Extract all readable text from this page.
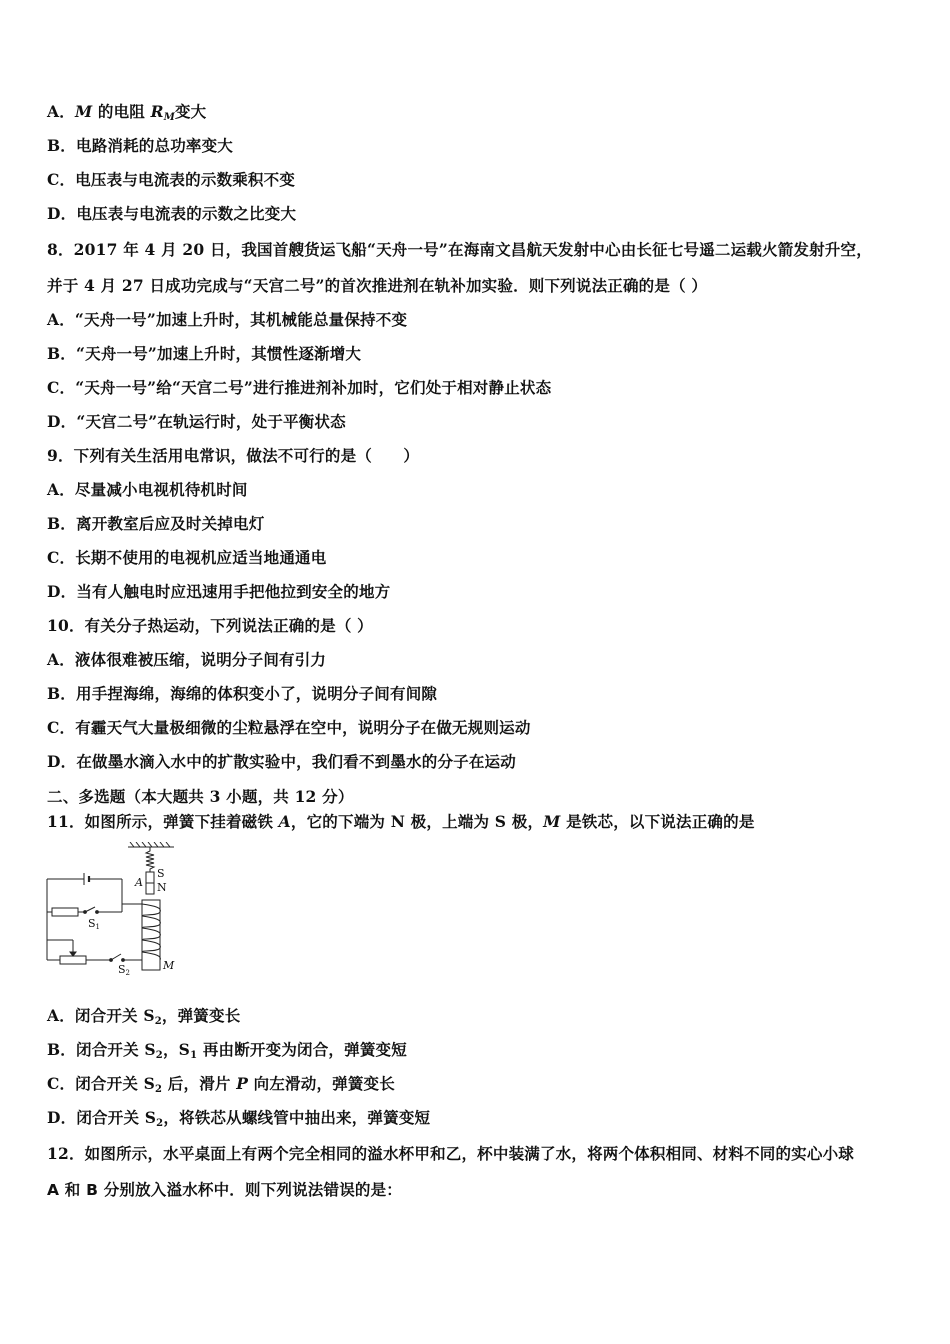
A．M 的电阻 $R_M$变大
B．电路消耗的总功率变大
C．电压表与电流表的示数乘积不变
D．电压表与电流表的示数之比变大
8．2017 年 4 月 20 日，我国首艘货运飞船“天舟一号”在海南文昌航天发射中心由长征七号遥二运载火箭发射升空，
并于 4 月 27 日成功完成与“天宫二号”的首次推进剂在轨补加实验．则下列说法正确的是（ ）
A．“天舟一号”加速上升时，其机械能总量保持不变
B．“天舟一号”加速上升时，其惯性逐渐增大
C．“天舟一号”给“天宫二号”进行推进剂补加时，它们处于相对静止状态
D．“天宫二号”在轨运行时，处于平衡状态
9．下列有关生活用电常识，做法不可行的是（　　）
A．尽量减小电视机待机时间
B．离开教室后应及时关掉电灯
C．长期不使用的电视机应适当地通通电
D．当有人触电时应迅速用手把他拉到安全的地方
10．有关分子热运动，下列说法正确的是（ ）
A．液体很难被压缩，说明分子间有引力
B．用手捏海绵，海绵的体积变小了，说明分子间有间隙
C．有霾天气大量极细微的尘粒悬浮在空中，说明分子在做无规则运动
D．在做墨水滴入水中的扩散实验中，我们看不到墨水的分子在运动
二、多选题（本大题共 3 小题，共 12 分）
11．如图所示，弹簧下挂着磁铁 A，它的下端为 N 极，上端为 S 极，M 是铁芯，以下说法正确的是
A
S
N
S1
S2
M
A．闭合开关 $S_2$，弹簧变长
B．闭合开关 $S_2$，$S_1$ 再由断开变为闭合，弹簧变短
C．闭合开关 $S_2$ 后，滑片 P 向左滑动，弹簧变长
D．闭合开关 $S_2$，将铁芯从螺线管中抽出来，弹簧变短
12．如图所示，水平桌面上有两个完全相同的溢水杯甲和乙，杯中装满了水，将两个体积相同、材料不同的实心小球
A 和 B 分别放入溢水杯中．则下列说法错误的是：
